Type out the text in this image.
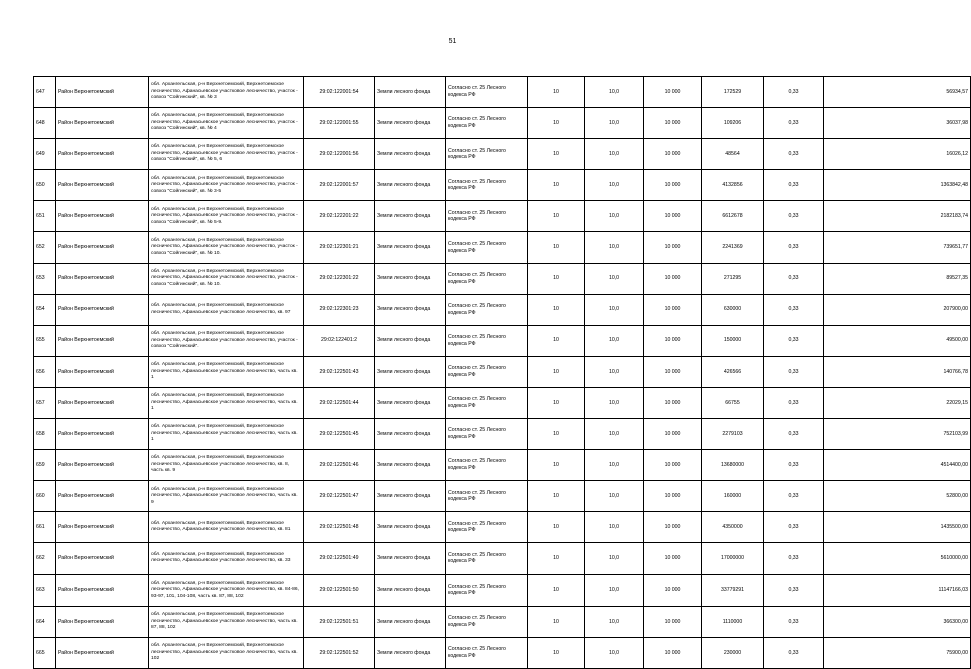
51
647	Район Верхнетоемский	обл. Архангельская, р-н Верхнетоемский, Верхнетоемское лесничество, Афанасьевское участковое лесничество, участок - совхоз "Сойгинский", кв. № 3	29:02:122001:54	Земли лесного фонда	Согласно ст. 25 Лесного кодекса РФ	10	10,0	10 000	172529	0,33	56934,57
648	Район Верхнетоемский	обл. Архангельская, р-н Верхнетоемский, Верхнетоемское лесничество, Афанасьевское участковое лесничество, участок - совхоз "Сойгинский", кв. № 4	29:02:122001:55	Земли лесного фонда	Согласно ст. 25 Лесного кодекса РФ	10	10,0	10 000	109206	0,33	36037,98
649	Район Верхнетоемский	обл. Архангельская, р-н Верхнетоемский, Верхнетоемское лесничество, Афанасьевское участковое лесничество, участок - совхоз "Сойгинский", кв. № 5, 6	29:02:122001:56	Земли лесного фонда	Согласно ст. 25 Лесного кодекса РФ	10	10,0	10 000	48564	0,33	16026,12
650	Район Верхнетоемский	обл. Архангельская, р-н Верхнетоемский, Верхнетоемское лесничество, Афанасьевское участковое лесничество, участок - совхоз "Сойгинский", кв. № 3-5	29:02:122001:57	Земли лесного фонда	Согласно ст. 25 Лесного кодекса РФ	10	10,0	10 000	4132856	0,33	1363842,48
651	Район Верхнетоемский	обл. Архангельская, р-н Верхнетоемский, Верхнетоемское лесничество, Афанасьевское участковое лесничество, участок - совхоз "Сойгинский", кв. № 5-9.	29:02:122201:22	Земли лесного фонда	Согласно ст. 25 Лесного кодекса РФ	10	10,0	10 000	6612678	0,33	2182183,74
652	Район Верхнетоемский	обл. Архангельская, р-н Верхнетоемский, Верхнетоемское лесничество, Афанасьевское участковое лесничество, участок - совхоз "Сойгинский", кв. № 10.	29:02:122301:21	Земли лесного фонда	Согласно ст. 25 Лесного кодекса РФ	10	10,0	10 000	2241369	0,33	739651,77
653	Район Верхнетоемский	обл. Архангельская, р-н Верхнетоемский, Верхнетоемское лесничество, Афанасьевское участковое лесничество, участок - совхоз "Сойгинский", кв. № 10.	29:02:122301:22	Земли лесного фонда	Согласно ст. 25 Лесного кодекса РФ	10	10,0	10 000	271295	0,33	89527,35
654	Район Верхнетоемский	обл. Архангельская, р-н Верхнетоемский, Верхнетоемское лесничество, Афанасьевское участковое лесничество, кв. 97	29:02:122301:23	Земли лесного фонда	Согласно ст. 25 Лесного кодекса РФ	10	10,0	10 000	630000	0,33	207900,00
655	Район Верхнетоемский	обл. Архангельская, р-н Верхнетоемский, Верхнетоемское лесничество, Афанасьевское участковое лесничество, участок - совхоз "Сойгинский".	29:02:122401:2	Земли лесного фонда	Согласно ст. 25 Лесного кодекса РФ	10	10,0	10 000	150000	0,33	49500,00
656	Район Верхнетоемский	обл. Архангельская, р-н Верхнетоемский, Верхнетоемское лесничество, Афанасьевское участковое лесничество, часть кв. 1	29:02:122501:43	Земли лесного фонда	Согласно ст. 25 Лесного кодекса РФ	10	10,0	10 000	426566	0,33	140766,78
657	Район Верхнетоемский	обл. Архангельская, р-н Верхнетоемский, Верхнетоемское лесничество, Афанасьевское участковое лесничество, часть кв. 1	29:02:122501:44	Земли лесного фонда	Согласно ст. 25 Лесного кодекса РФ	10	10,0	10 000	66755	0,33	22029,15
658	Район Верхнетоемский	обл. Архангельская, р-н Верхнетоемский, Верхнетоемское лесничество, Афанасьевское участковое лесничество, часть кв. 1	29:02:122501:45	Земли лесного фонда	Согласно ст. 25 Лесного кодекса РФ	10	10,0	10 000	2279103	0,33	752103,99
659	Район Верхнетоемский	обл. Архангельская, р-н Верхнетоемский, Верхнетоемское лесничество, Афанасьевское участковое лесничество, кв. 8, часть кв. 9	29:02:122501:46	Земли лесного фонда	Согласно ст. 25 Лесного кодекса РФ	10	10,0	10 000	13680000	0,33	4514400,00
660	Район Верхнетоемский	обл. Архангельская, р-н Верхнетоемский, Верхнетоемское лесничество, Афанасьевское участковое лесничество, часть кв. 9	29:02:122501:47	Земли лесного фонда	Согласно ст. 25 Лесного кодекса РФ	10	10,0	10 000	160000	0,33	52800,00
661	Район Верхнетоемский	обл. Архангельская, р-н Верхнетоемский, Верхнетоемское лесничество, Афанасьевское участковое лесничество, кв. 81	29:02:122501:48	Земли лесного фонда	Согласно ст. 25 Лесного кодекса РФ	10	10,0	10 000	4350000	0,33	1435500,00
662	Район Верхнетоемский	обл. Архангельская, р-н Верхнетоемский, Верхнетоемское лесничество, Афанасьевское участковое лесничество, кв. 33	29:02:122501:49	Земли лесного фонда	Согласно ст. 25 Лесного кодекса РФ	10	10,0	10 000	17000000	0,33	5610000,00
663	Район Верхнетоемский	обл. Архангельская, р-н Верхнетоемский, Верхнетоемское лесничество, Афанасьевское участковое лесничество, кв. 84-86, 93-97, 101, 104-108, часть кв. 87, 88, 102	29:02:122501:50	Земли лесного фонда	Согласно ст. 25 Лесного кодекса РФ	10	10,0	10 000	33779291	0,33	11147166,03
664	Район Верхнетоемский	обл. Архангельская, р-н Верхнетоемский, Верхнетоемское лесничество, Афанасьевское участковое лесничество, часть кв. 87, 88, 102	29:02:122501:51	Земли лесного фонда	Согласно ст. 25 Лесного кодекса РФ	10	10,0	10 000	1110000	0,33	366300,00
665	Район Верхнетоемский	обл. Архангельская, р-н Верхнетоемский, Верхнетоемское лесничество, Афанасьевское участковое лесничество, часть кв. 102	29:02:122501:52	Земли лесного фонда	Согласно ст. 25 Лесного кодекса РФ	10	10,0	10 000	230000	0,33	75900,00
